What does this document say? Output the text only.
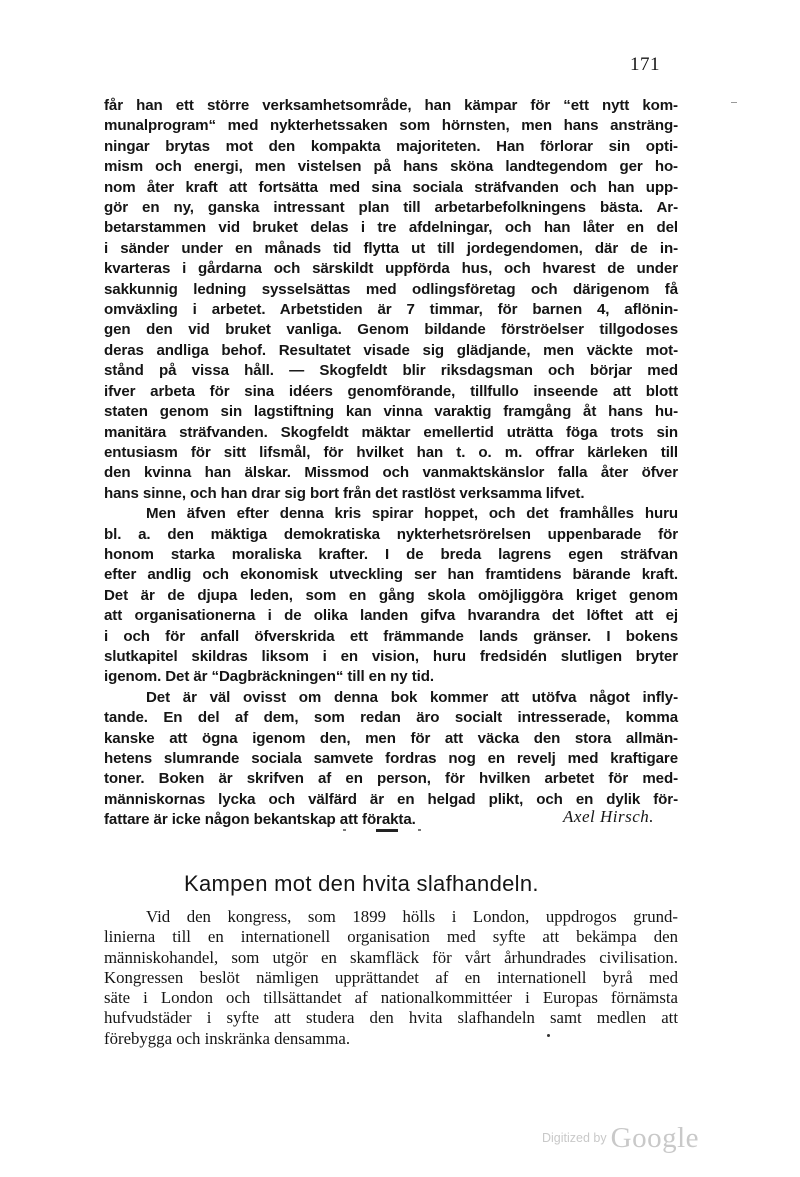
171
får han ett större verksamhetsområde, han kämpar för “ett nytt kom-
munalprogram“ med nykterhetssaken som hörnsten, men hans ansträng-
ningar brytas mot den kompakta majoriteten. Han förlorar sin opti-
mism och energi, men vistelsen på hans sköna landtegendom ger ho-
nom åter kraft att fortsätta med sina sociala sträfvanden och han upp-
gör en ny, ganska intressant plan till arbetarbefolkningens bästa. Ar-
betarstammen vid bruket delas i tre afdelningar, och han låter en del
i sänder under en månads tid flytta ut till jordegendomen, där de in-
kvarteras i gårdarna och särskildt uppförda hus, och hvarest de under
sakkunnig ledning sysselsättas med odlingsföretag och därigenom få
omväxling i arbetet. Arbetstiden är 7 timmar, för barnen 4, aflönin-
gen den vid bruket vanliga. Genom bildande förströelser tillgodoses
deras andliga behof. Resultatet visade sig glädjande, men väckte mot-
stånd på vissa håll. — Skogfeldt blir riksdagsman och börjar med
ifver arbeta för sina idéers genomförande, tillfullo inseende att blott
staten genom sin lagstiftning kan vinna varaktig framgång åt hans hu-
manitära sträfvanden. Skogfeldt mäktar emellertid uträtta föga trots sin
entusiasm för sitt lifsmål, för hvilket han t. o. m. offrar kärleken till
den kvinna han älskar. Missmod och vanmaktskänslor falla åter öfver
hans sinne, och han drar sig bort från det rastlöst verksamma lifvet.
Men äfven efter denna kris spirar hoppet, och det framhålles huru
bl. a. den mäktiga demokratiska nykterhetsrörelsen uppenbarade för
honom starka moraliska krafter. I de breda lagrens egen sträfvan
efter andlig och ekonomisk utveckling ser han framtidens bärande kraft.
Det är de djupa leden, som en gång skola omöjliggöra kriget genom
att organisationerna i de olika landen gifva hvarandra det löftet att ej
i och för anfall öfverskrida ett främmande lands gränser. I bokens
slutkapitel skildras liksom i en vision, huru fredsidén slutligen bryter
igenom. Det är “Dagbräckningen“ till en ny tid.
Det är väl ovisst om denna bok kommer att utöfva något infly-
tande. En del af dem, som redan äro socialt intresserade, komma
kanske att ögna igenom den, men för att väcka den stora allmän-
hetens slumrande sociala samvete fordras nog en revelj med kraftigare
toner. Boken är skrifven af en person, för hvilken arbetet för med-
människornas lycka och välfärd är en helgad plikt, och en dylik för-
fattare är icke någon bekantskap att förakta.	Axel Hirsch.
Kampen mot den hvita slafhandeln.
Vid den kongress, som 1899 hölls i London, uppdrogos grund-
linierna till en internationell organisation med syfte att bekämpa den
människohandel, som utgör en skamfläck för vårt århundrades civilisation.
Kongressen beslöt nämligen upprättandet af en internationell byrå med
säte i London och tillsättandet af nationalkommittéer i Europas förnämsta
hufvudstäder i syfte att studera den hvita slafhandeln samt medlen att
förebygga och inskränka densamma.
$^{Digitized by}$ Google
